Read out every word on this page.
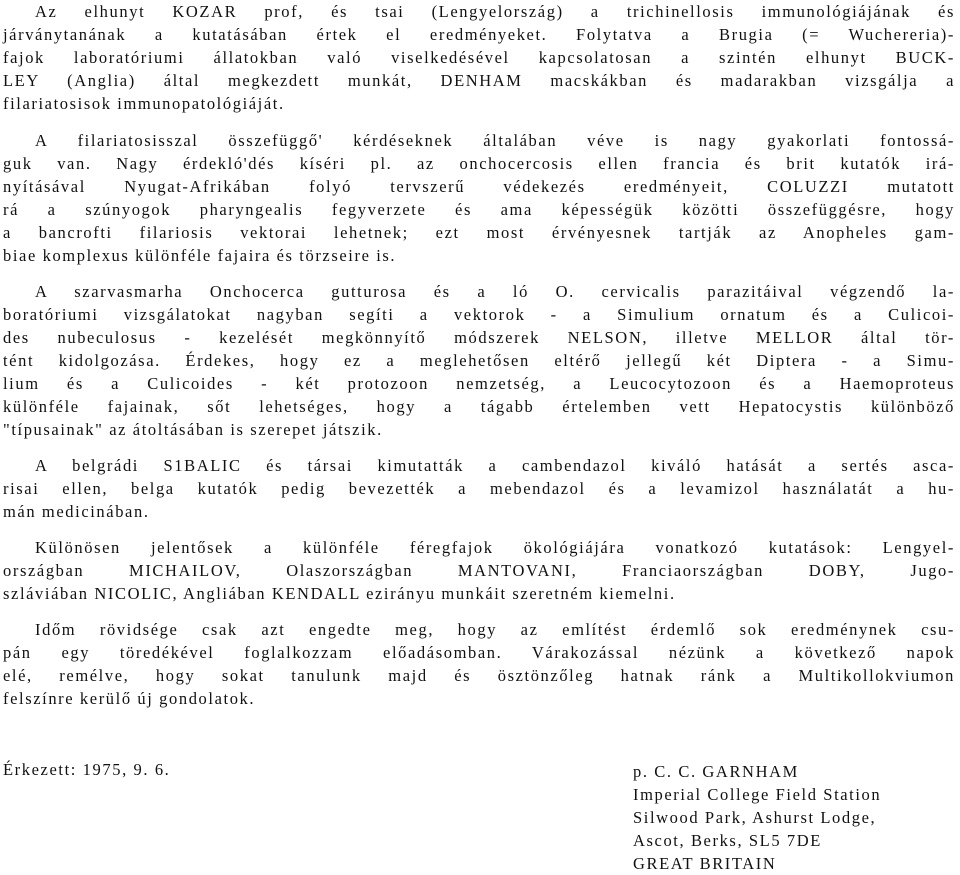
Az elhunyt KOZAR prof, és tsai (Lengyelország) a trichinellosis immunológiájának és
járványtanának a kutatásában értek el eredményeket. Folytatva a Brugia (= Wuchereria)-
fajok laboratóriumi állatokban való viselkedésével kapcsolatosan a szintén elhunyt BUCK-
LEY (Anglia) által megkezdett munkát, DENHAM macskákban és madarakban vizsgálja a
filariatosisok immunopatológiáját.
A filariatosisszal összefüggő' kérdéseknek általában véve is nagy gyakorlati fontossá-
guk van. Nagy érdekló'dés kíséri pl. az onchocercosis ellen francia és brit kutatók irá-
nyításával Nyugat-Afrikában folyó tervszerű védekezés eredményeit, COLUZZI mutatott
rá a szúnyogok pharyngealis fegyverzete és ama képességük közötti összefüggésre, hogy
a bancrofti filariosis vektorai lehetnek; ezt most érvényesnek tartják az Anopheles gam-
biae komplexus különféle fajaira és törzseire is.
A szarvasmarha Onchocerca gutturosa és a ló O. cervicalis parazitáival végzendő la-
boratóriumi vizsgálatokat nagyban segíti a vektorok - a Simulium ornatum és a Culicoi-
des nubeculosus - kezelését megkönnyítő módszerek NELSON, illetve MELLOR által tör-
tént kidolgozása. Érdekes, hogy ez a meglehetősen eltérő jellegű két Diptera - a Simu-
lium és a Culicoides - két protozoon nemzetség, a Leucocytozoon és a Haemoproteus
különféle fajainak, sőt lehetséges, hogy a tágabb értelemben vett Hepatocystis különböző
"típusainak" az átoltásában is szerepet játszik.
A belgrádi S1BALIC és társai kimutatták a cambendazol kiváló hatását a sertés asca-
risai ellen, belga kutatók pedig bevezették a mebendazol és a levamizol használatát a hu-
mán medicinában.
Különösen jelentősek a különféle féregfajok ökológiájára vonatkozó kutatások: Lengyel-
országban MICHAILOV, Olaszországban MANTOVANI, Franciaországban DOBY, Jugo-
szláviában NICOLIC, Angliában KENDALL ezirányu munkáit szeretném kiemelni.
Időm rövidsége csak azt engedte meg, hogy az említést érdemlő sok eredménynek csu-
pán egy töredékével foglalkozzam előadásomban. Várakozással nézünk a következő napok
elé, remélve, hogy sokat tanulunk majd és ösztönzőleg hatnak ránk a Multikollokviumon
felszínre kerülő új gondolatok.
Érkezett: 1975, 9. 6.	p. C. C. GARNHAM
Imperial College Field Station
Silwood Park, Ashurst Lodge,
Ascot, Berks, SL5 7DE
GREAT BRITAIN
